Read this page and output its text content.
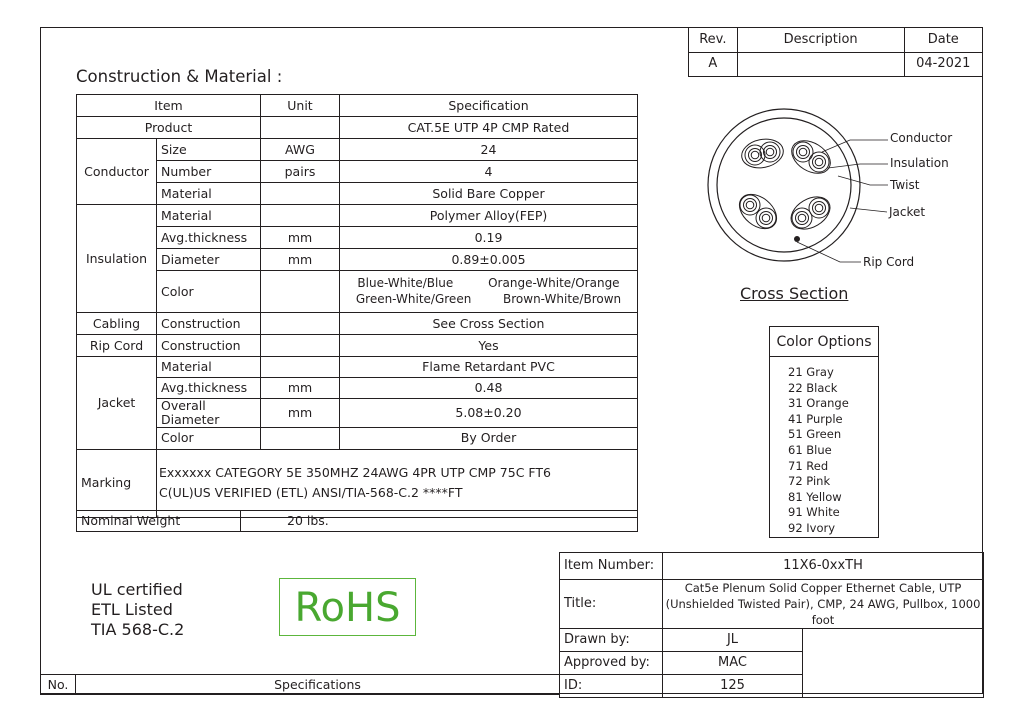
Rev.	Description	Date
A		04-2021
Construction & Material :
Item		Unit	Specification
Product			CAT.5E UTP 4P CMP Rated
Conductor	Size	AWG	24
	Number	pairs	4
	Material		Solid Bare Copper
Insulation	Material		Polymer Alloy(FEP)
	Avg.thickness	mm	0.19
	Diameter	mm	0.89±0.005
	Color		Blue-White/Blue Orange-White/Orange
Green-White/Green Brown-White/Brown

Cabling	Construction		See Cross Section
Rip Cord	Construction		Yes
Jacket	Material		Flame Retardant PVC
	Avg.thickness	mm	0.48
	Overall Diameter	mm	5.08±0.20
	Color		By Order
Marking	Exxxxxx CATEGORY 5E 350MHZ 24AWG 4PR UTP CMP 75C FT6
C(UL)US VERIFIED (ETL) ANSI/TIA-568-C.2 ****FT		
Nominal Weight	20 lbs.
Conductor
Insulation
Twist
Jacket
Rip Cord
Cross Section
Color Options
21 Gray
22 Black
31 Orange
41 Purple
51 Green
61 Blue
71 Red
72 Pink
81 Yellow
91 White
92 Ivory
UL certified
ETL Listed
TIA 568-C.2	RoHS
Item Number:	11X6-0xxTH	
Title:	Cat5e Plenum Solid Copper Ethernet Cable, UTP
(Unshielded Twisted Pair), CMP, 24 AWG, Pullbox, 1000 foot	

Drawn by:	JL	
Approved by:	MAC	
ID:	125	
No.	Specifications
